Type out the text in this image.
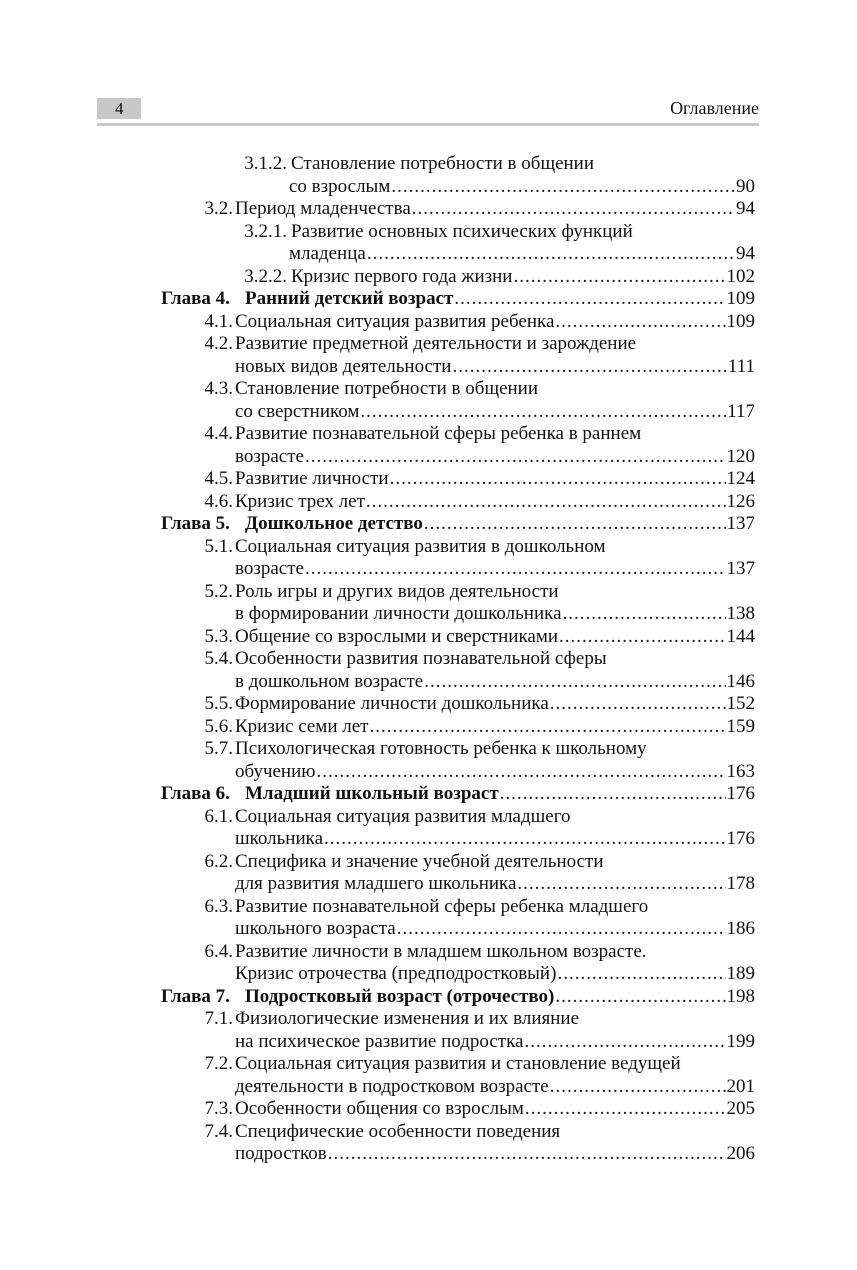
4	Оглавление
3.1.2. Становление потребности в общении
со взрослым .....	90
3.2. Период младенчества .....	94
3.2.1. Развитие основных психических функций
младенца .....	94
3.2.2. Кризис первого года жизни .....	102
Глава 4. Ранний детский возраст .....	109
4.1. Социальная ситуация развития ребенка .....	109
4.2. Развитие предметной деятельности и зарождение
новых видов деятельности .....	111
4.3. Становление потребности в общении
со сверстником .....	117
4.4. Развитие познавательной сферы ребенка в раннем
возрасте .....	120
4.5. Развитие личности .....	124
4.6. Кризис трех лет .....	126
Глава 5. Дошкольное детство .....	137
5.1. Социальная ситуация развития в дошкольном
возрасте .....	137
5.2. Роль игры и других видов деятельности
в формировании личности дошкольника .....	138
5.3. Общение со взрослыми и сверстниками .....	144
5.4. Особенности развития познавательной сферы
в дошкольном возрасте .....	146
5.5. Формирование личности дошкольника .....	152
5.6. Кризис семи лет .....	159
5.7. Психологическая готовность ребенка к школьному
обучению .....	163
Глава 6. Младший школьный возраст .....	176
6.1. Социальная ситуация развития младшего
школьника .....	176
6.2. Специфика и значение учебной деятельности
для развития младшего школьника .....	178
6.3. Развитие познавательной сферы ребенка младшего
школьного возраста .....	186
6.4. Развитие личности в младшем школьном возрасте.
Кризис отрочества (предподростковый) .....	189
Глава 7. Подростковый возраст (отрочество) .....	198
7.1. Физиологические изменения и их влияние
на психическое развитие подростка .....	199
7.2. Социальная ситуация развития и становление ведущей
деятельности в подростковом возрасте .....	201
7.3. Особенности общения со взрослым .....	205
7.4. Специфические особенности поведения
подростков .....	206
